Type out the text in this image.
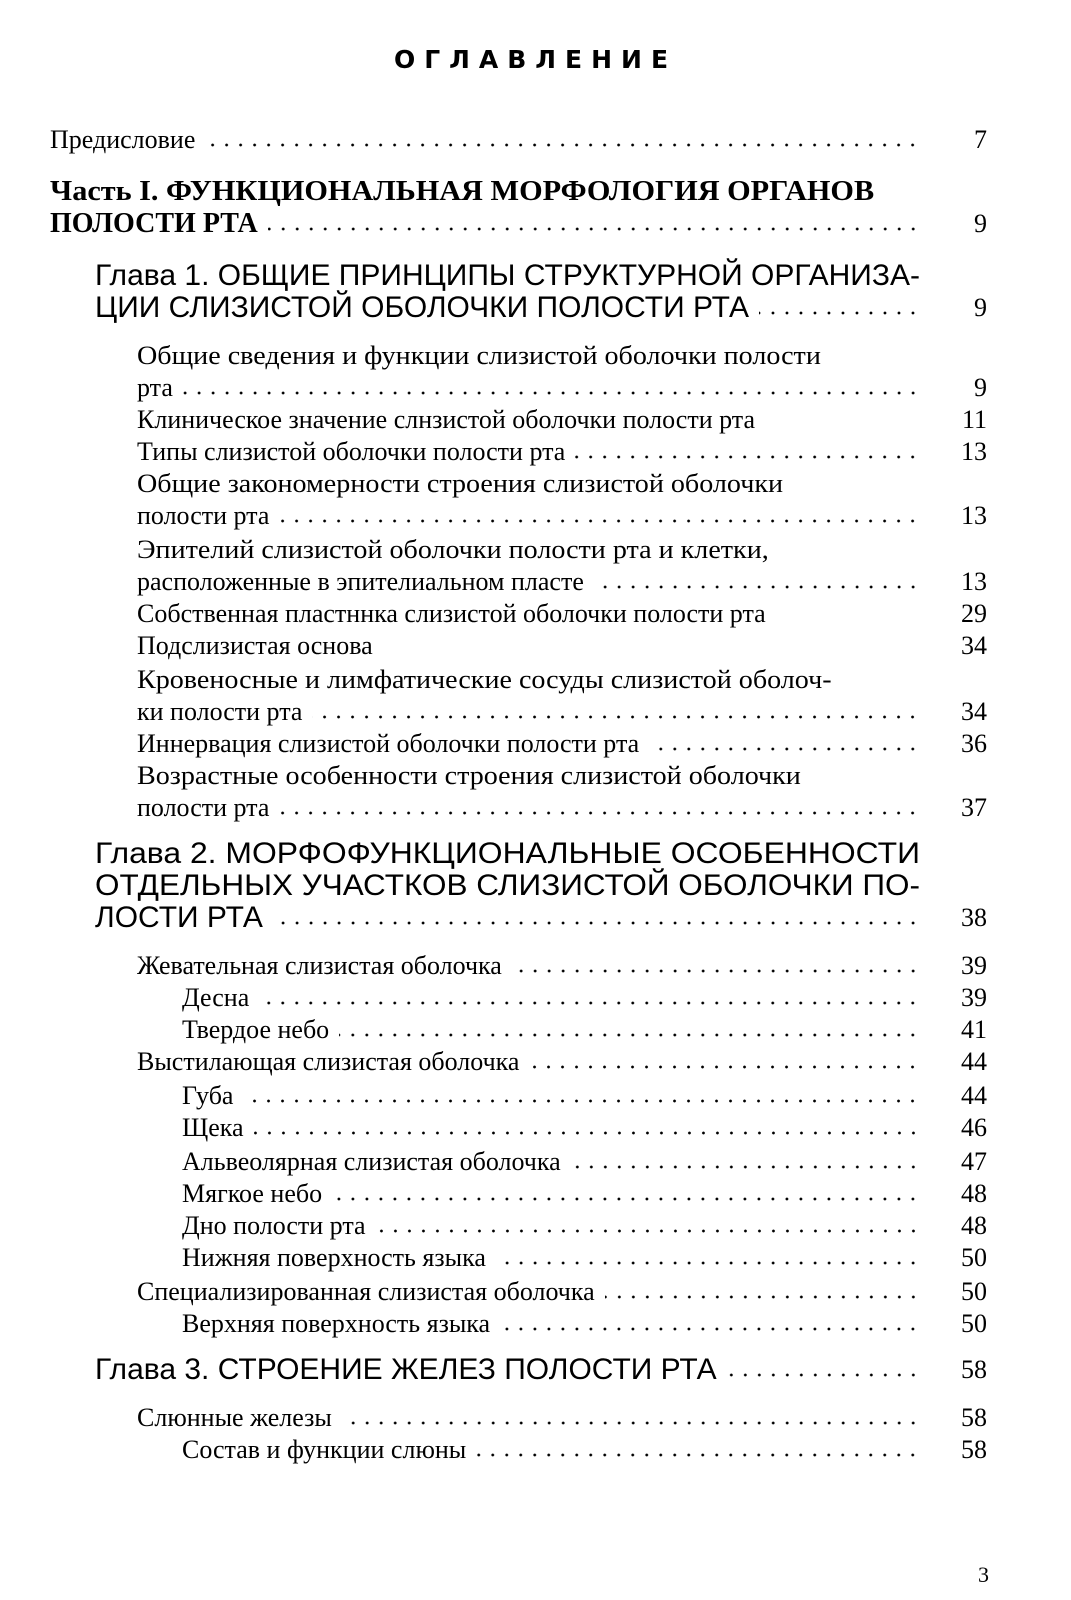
ОГЛАВЛЕНИЕ
Предисловие	7
Часть I. ФУНКЦИОНАЛЬНАЯ МОРФОЛОГИЯ ОРГАНОВ
ПОЛОСТИ РТА	9
Глава 1. ОБЩИЕ ПРИНЦИПЫ СТРУКТУРНОЙ ОРГАНИЗА-
ЦИИ СЛИЗИСТОЙ ОБОЛОЧКИ ПОЛОСТИ РТА	9
Общие сведения и функции слизистой оболочки полости
рта	9
Клиническое значение слнзистой оболочки полости рта	11
Типы слизистой оболочки полости рта	13
Общие закономерности строения слизистой оболочки
полости рта	13
Эпителий слизистой оболочки полости рта и клетки,
расположенные в эпителиальном пласте	13
Собственная пластннка слизистой оболочки полости рта	29
Подслизистая основа	34
Кровеносные и лимфатические сосуды слизистой оболоч-
ки полости рта	34
Иннервация слизистой оболочки полости рта	36
Возрастные особенности строения слизистой оболочки
полости рта	37
Глава 2. МОРФОФУНКЦИОНАЛЬНЫЕ ОСОБЕННОСТИ
ОТДЕЛЬНЫХ УЧАСТКОВ СЛИЗИСТОЙ ОБОЛОЧКИ ПО-
ЛОСТИ РТА	38
Жевательная слизистая оболочка	39
Десна	39
Твердое небо	41
Выстилающая слизистая оболочка	44
Губа	44
Щека	46
Альвеолярная слизистая оболочка	47
Мягкое небо	48
Дно полости рта	48
Нижняя поверхность языка	50
Специализированная слизистая оболочка	50
Верхняя поверхность языка	50
Глава 3. СТРОЕНИЕ ЖЕЛЕЗ ПОЛОСТИ РТА	58
Слюнные железы	58
Состав и функции слюны	58
3
